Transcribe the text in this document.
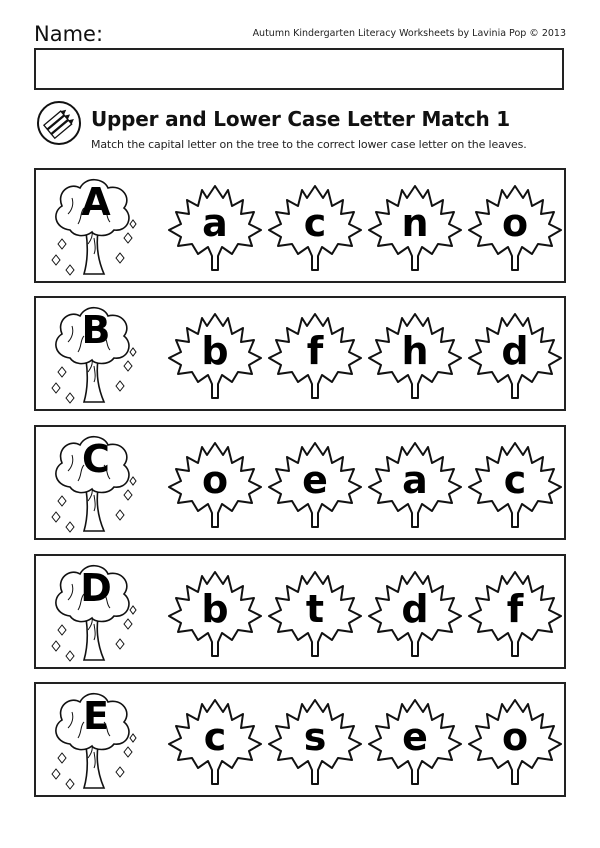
Name:	Autumn Kindergarten Literacy Worksheets by Lavinia Pop © 2013
Upper and Lower Case Letter Match 1
Match the capital letter on the tree to the correct lower case letter on the leaves.
A	a	c	n	o
B	b	f	h	d
C	o	e	a	c
D	b	t	d	f
E	c	s	e	o
